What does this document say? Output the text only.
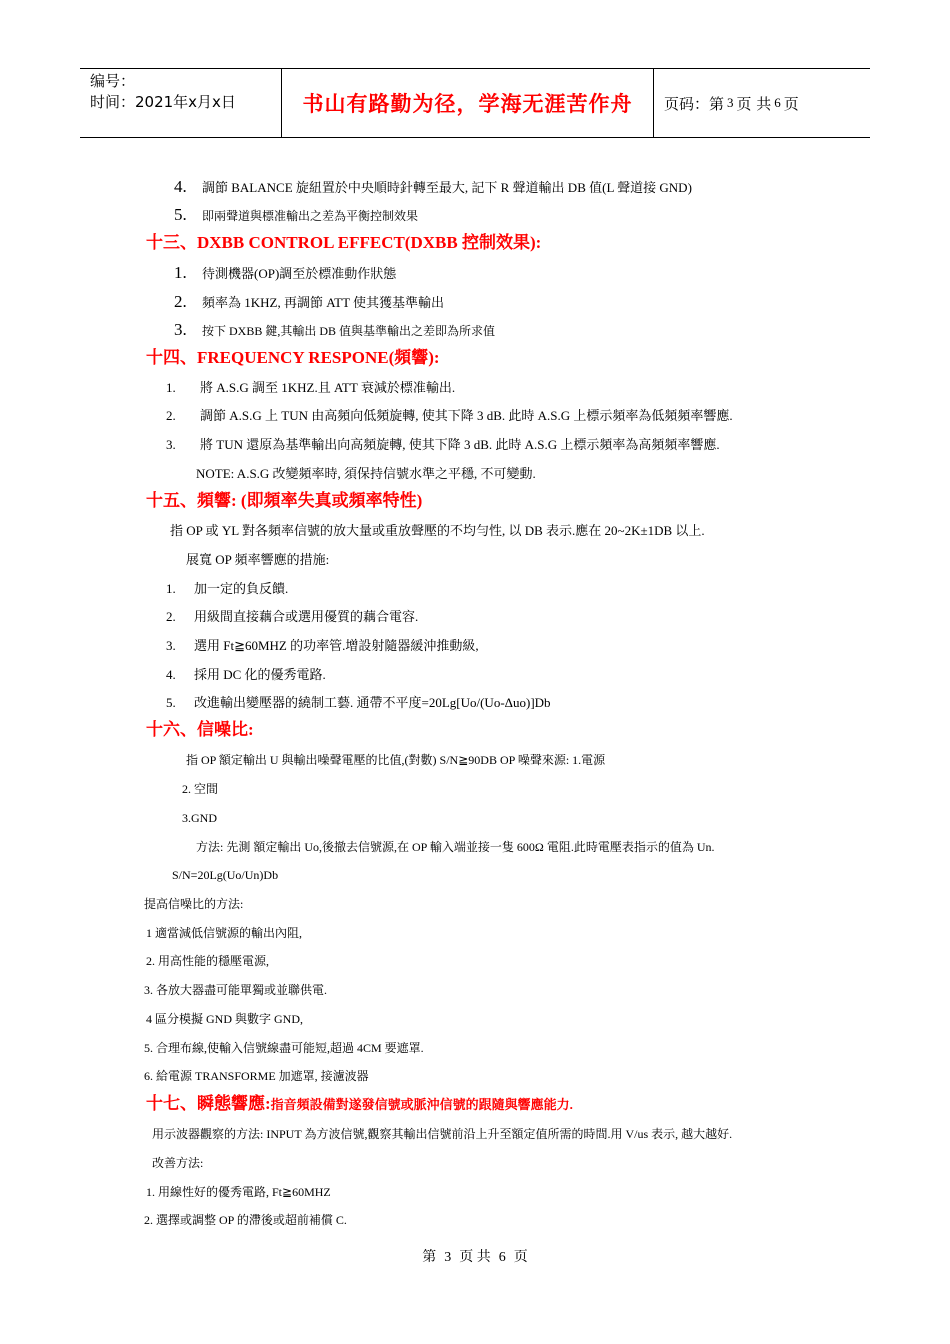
编号：
时间：2021年x月x日	书山有路勤为径，学海无涯苦作舟	页码：第 3 页 共 6 页
4. 調節 BALANCE 旋紐置於中央順時針轉至最大, 記下 R 聲道輸出 DB 值(L 聲道接 GND)
5. 即兩聲道與標准輸出之差為平衡控制效果
十三、DXBB CONTROL EFFECT(DXBB 控制效果):
1. 待測機器(OP)調至於標准動作狀態
2. 頻率為 1KHZ, 再調節 ATT 使其獲基準輸出
3. 按下 DXBB 鍵,其輸出 DB 值與基準輸出之差即為所求值
十四、FREQUENCY RESPONE(頻響):
1. 將 A.S.G 調至 1KHZ.且 ATT 衰減於標准輸出.
2. 調節 A.S.G 上 TUN 由高頻向低頻旋轉, 使其下降 3 dB. 此時 A.S.G 上標示頻率為低頻頻率響應.
3. 將 TUN 還原為基準輸出向高頻旋轉, 使其下降 3 dB. 此時 A.S.G 上標示頻率為高頻頻率響應.
NOTE: A.S.G 改變頻率時, 須保持信號水準之平穩, 不可變動.
十五、頻響: (即頻率失真或頻率特性)
指 OP 或 YL 對各頻率信號的放大量或重放聲壓的不均勻性, 以 DB 表示.應在 20~2K±1DB 以上.
展寬 OP 頻率響應的措施:
1. 加一定的負反饋.
2. 用級間直接藕合或選用優質的藕合電容.
3. 選用 Ft≧60MHZ 的功率管.增設射隨器緩沖推動級,
4. 採用 DC 化的優秀電路.
5. 改進輸出變壓器的繞制工藝. 通帶不平度=20Lg[Uo/(Uo-Δuo)]Db
十六、信噪比:
指 OP 額定輸出 U 與輸出噪聲電壓的比值,(對數) S/N≧90DB OP 噪聲來源: 1.電源
2. 空間
3.GND
方法: 先測 額定輸出 Uo,後撤去信號源,在 OP 輸入端並接一隻 600Ω 電阻.此時電壓表指示的值為 Un.
S/N=20Lg(Uo/Un)Db
提高信噪比的方法:
1 適當減低信號源的輸出內阻,
2. 用高性能的穩壓電源,
3. 各放大器盡可能單獨或並聯供電.
4 區分模擬 GND 與數字 GND,
5. 合理布線,使輸入信號線盡可能短,超過 4CM 要遮罩.
6. 給電源 TRANSFORME 加遮罩, 接濾波器
十七、瞬態響應:指音頻設備對遂發信號或脈沖信號的跟隨與響應能力.
用示波器觀察的方法: INPUT 為方波信號,觀察其輸出信號前沿上升至額定值所需的時間.用 V/us 表示, 越大越好.
改善方法:
1. 用線性好的優秀電路, Ft≧60MHZ
2. 選擇或調整 OP 的滯後或超前補償 C.
第 3 页 共 6 页
